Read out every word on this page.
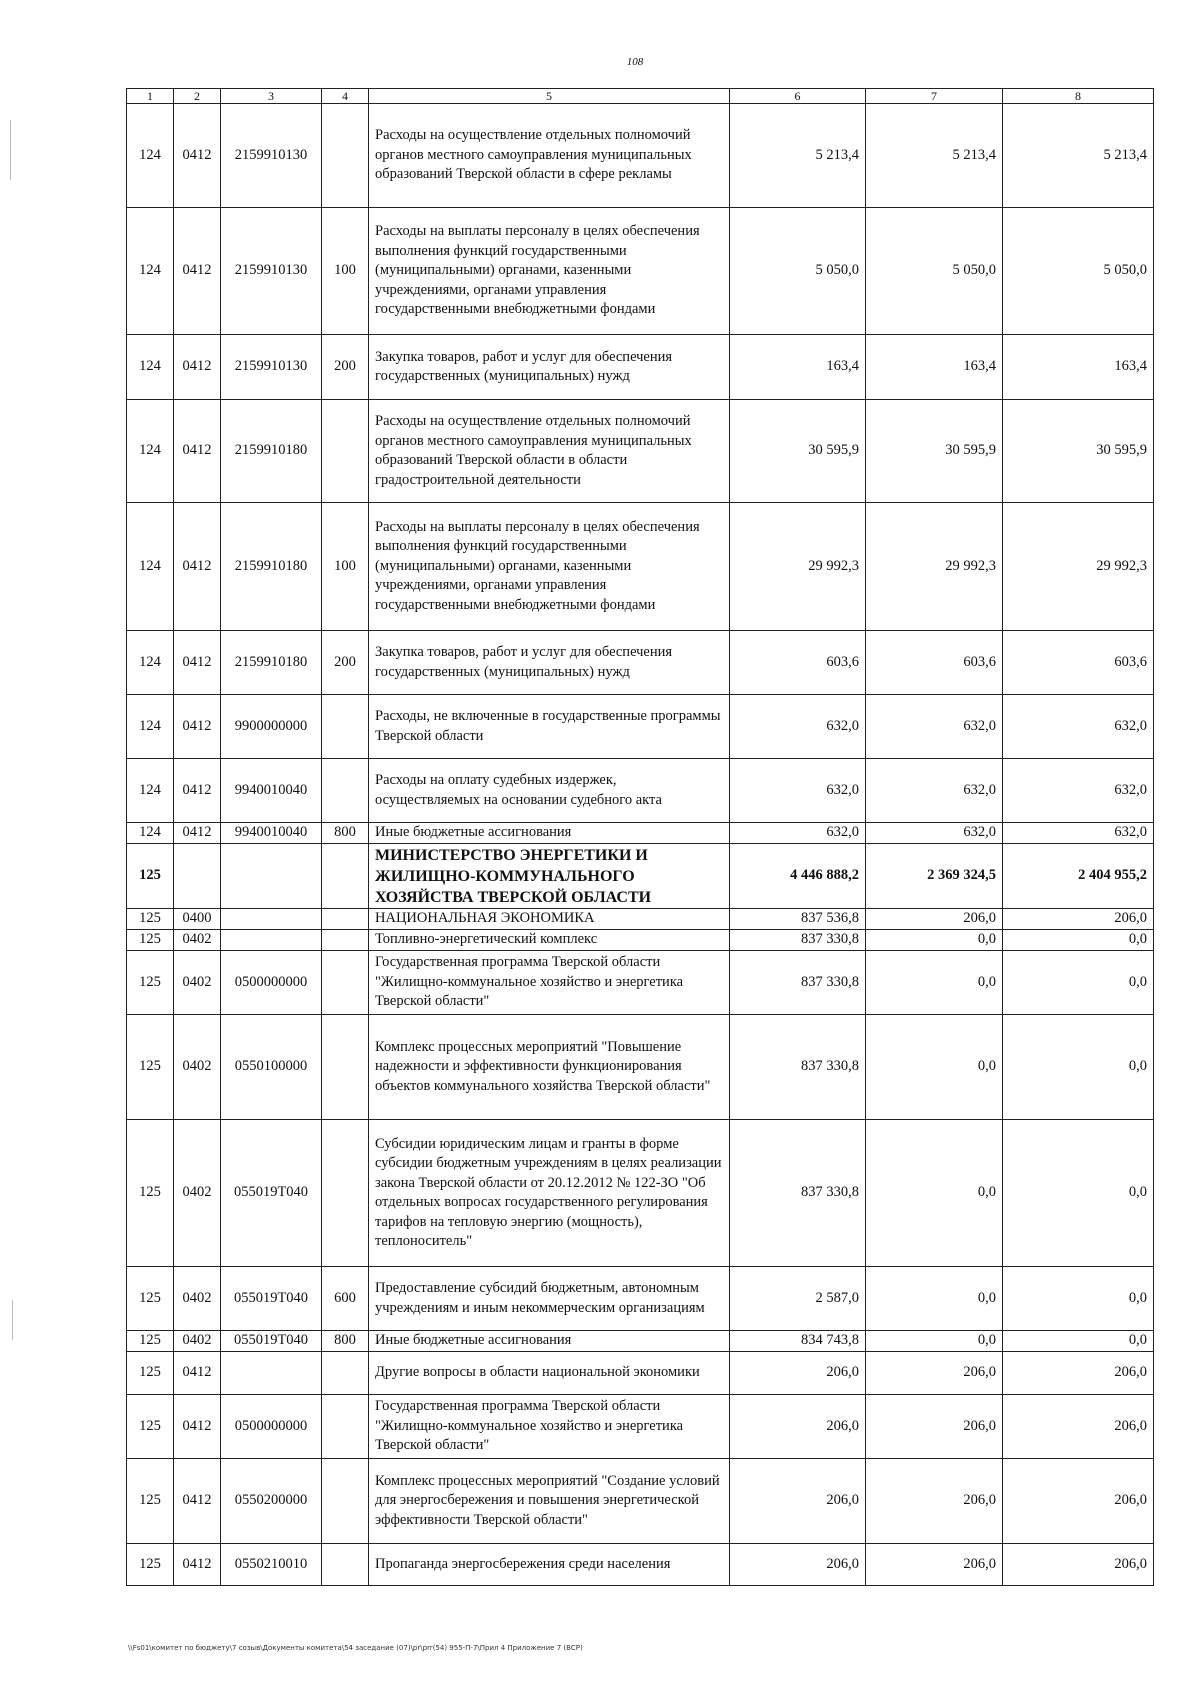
108
1	2	3	4	5	6	7	8
124	0412	2159910130		Расходы на осуществление отдельных полномочий органов местного самоуправления муниципальных образований Тверской области в сфере рекламы	5 213,4	5 213,4	5 213,4
124	0412	2159910130	100	Расходы на выплаты персоналу в целях обеспечения выполнения функций государственными (муниципальными) органами, казенными учреждениями, органами управления государственными внебюджетными фондами	5 050,0	5 050,0	5 050,0
124	0412	2159910130	200	Закупка товаров, работ и услуг для обеспечения государственных (муниципальных) нужд	163,4	163,4	163,4
124	0412	2159910180		Расходы на осуществление отдельных полномочий органов местного самоуправления муниципальных образований Тверской области в области градостроительной деятельности	30 595,9	30 595,9	30 595,9
124	0412	2159910180	100	Расходы на выплаты персоналу в целях обеспечения выполнения функций государственными (муниципальными) органами, казенными учреждениями, органами управления государственными внебюджетными фондами	29 992,3	29 992,3	29 992,3
124	0412	2159910180	200	Закупка товаров, работ и услуг для обеспечения государственных (муниципальных) нужд	603,6	603,6	603,6
124	0412	9900000000		Расходы, не включенные в государственные программы Тверской области	632,0	632,0	632,0
124	0412	9940010040		Расходы на оплату судебных издержек, осуществляемых на основании судебного акта	632,0	632,0	632,0
124	0412	9940010040	800	Иные бюджетные ассигнования	632,0	632,0	632,0
125				МИНИСТЕРСТВО ЭНЕРГЕТИКИ И ЖИЛИЩНО-КОММУНАЛЬНОГО ХОЗЯЙСТВА ТВЕРСКОЙ ОБЛАСТИ	4 446 888,2	2 369 324,5	2 404 955,2
125	0400			НАЦИОНАЛЬНАЯ ЭКОНОМИКА	837 536,8	206,0	206,0
125	0402			Топливно-энергетический комплекс	837 330,8	0,0	0,0
125	0402	0500000000		Государственная программа Тверской области "Жилищно-коммунальное хозяйство и энергетика Тверской области"	837 330,8	0,0	0,0
125	0402	0550100000		Комплекс процессных мероприятий "Повышение надежности и эффективности функционирования объектов коммунального хозяйства Тверской области"	837 330,8	0,0	0,0
125	0402	055019Т040		Субсидии юридическим лицам и гранты в форме субсидии бюджетным учреждениям в целях реализации закона Тверской области от 20.12.2012 № 122-ЗО "Об отдельных вопросах государственного регулирования тарифов на тепловую энергию (мощность), теплоноситель"	837 330,8	0,0	0,0
125	0402	055019Т040	600	Предоставление субсидий бюджетным, автономным учреждениям и иным некоммерческим организациям	2 587,0	0,0	0,0
125	0402	055019Т040	800	Иные бюджетные ассигнования	834 743,8	0,0	0,0
125	0412			Другие вопросы в области национальной экономики	206,0	206,0	206,0
125	0412	0500000000		Государственная программа Тверской области "Жилищно-коммунальное хозяйство и энергетика Тверской области"	206,0	206,0	206,0
125	0412	0550200000		Комплекс процессных мероприятий "Создание условий для энергосбережения и повышения энергетической эффективности Тверской области"	206,0	206,0	206,0
125	0412	0550210010		Пропаганда энергосбережения среди населения	206,0	206,0	206,0
\\Fs01\комитет по бюджету\7 созыв\Документы комитета\54 заседание (07)\pr\prr(54) 955-П-7\Прил 4 Приложение 7 (ВСР)
